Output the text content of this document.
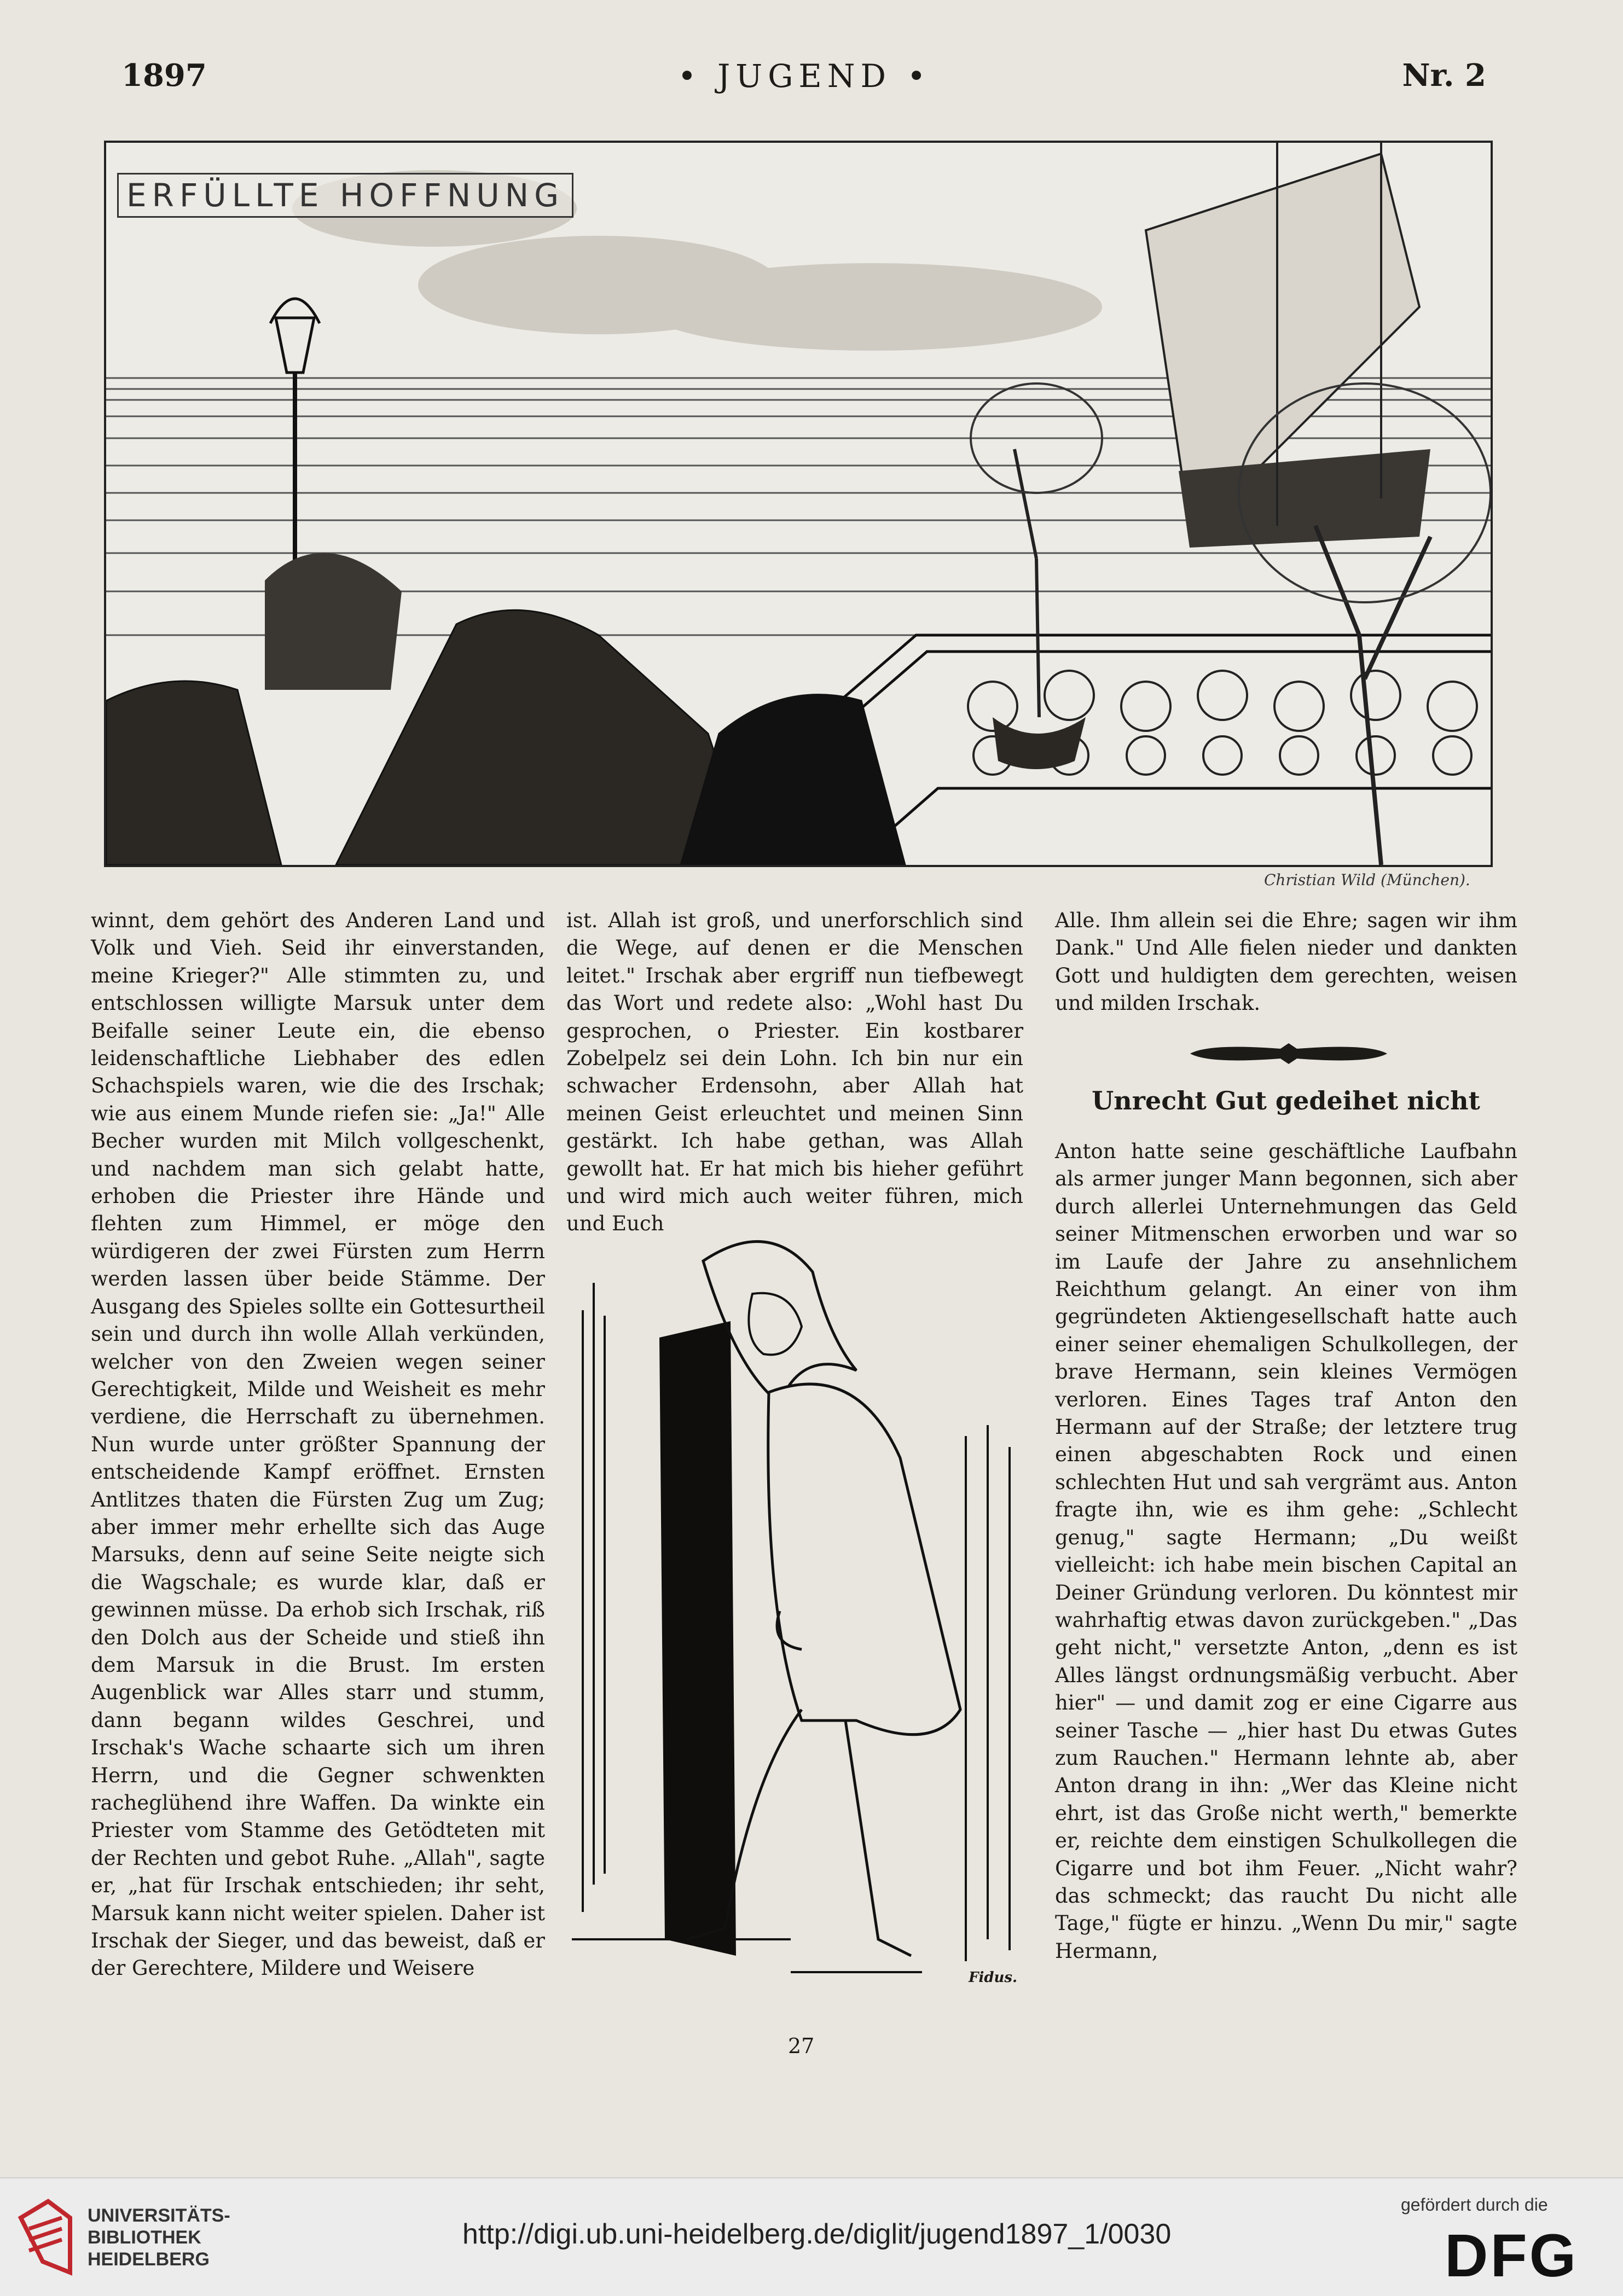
1897	• JUGEND •	Nr. 2
ERFÜLLTE HOFFNUNG
Christian Wild (München).

winnt, dem gehört des Anderen Land und Volk und Vieh. Seid ihr einverstanden, meine Krieger?" Alle stimmten zu, und entschlossen willigte Marsuk unter dem Beifalle seiner Leute ein, die ebenso leidenschaftliche Liebhaber des edlen Schachspiels waren, wie die des Irschak; wie aus einem Munde riefen sie: „Ja!" Alle Becher wurden mit Milch vollgeschenkt, und nachdem man sich gelabt hatte, erhoben die Priester ihre Hände und flehten zum Himmel, er möge den würdigeren der zwei Fürsten zum Herrn werden lassen über beide Stämme. Der Ausgang des Spieles sollte ein Gottesurtheil sein und durch ihn wolle Allah verkünden, welcher von den Zweien wegen seiner Gerechtigkeit, Milde und Weisheit es mehr verdiene, die Herrschaft zu übernehmen. Nun wurde unter größter Spannung der entscheidende Kampf eröffnet. Ernsten Antlitzes thaten die Fürsten Zug um Zug; aber immer mehr erhellte sich das Auge Marsuks, denn auf seine Seite neigte sich die Wagschale; es wurde klar, daß er gewinnen müsse. Da erhob sich Irschak, riß den Dolch aus der Scheide und stieß ihn dem Marsuk in die Brust. Im ersten Augenblick war Alles starr und stumm, dann begann wildes Geschrei, und Irschak's Wache schaarte sich um ihren Herrn, und die Gegner schwenkten racheglühend ihre Waffen. Da winkte ein Priester vom Stamme des Getödteten mit der Rechten und gebot Ruhe. „Allah", sagte er, „hat für Irschak entschieden; ihr seht, Marsuk kann nicht weiter spielen. Daher ist Irschak der Sieger, und das beweist, daß er der Gerechtere, Mildere und Weisere

ist. Allah ist groß, und unerforschlich sind die Wege, auf denen er die Menschen leitet." Irschak aber ergriff nun tiefbewegt das Wort und redete also: „Wohl hast Du gesprochen, o Priester. Ein kostbarer Zobelpelz sei dein Lohn. Ich bin nur ein schwacher Erdensohn, aber Allah hat meinen Geist erleuchtet und meinen Sinn gestärkt. Ich habe gethan, was Allah gewollt hat. Er hat mich bis hieher geführt und wird mich auch weiter führen, mich und Euch

Alle. Ihm allein sei die Ehre; sagen wir ihm Dank." Und Alle fielen nieder und dankten Gott und huldigten dem gerechten, weisen und milden Irschak.

Unrecht Gut gedeihet nicht

Anton hatte seine geschäftliche Laufbahn als armer junger Mann begonnen, sich aber durch allerlei Unternehmungen das Geld seiner Mitmenschen erworben und war so im Laufe der Jahre zu ansehnlichem Reichthum gelangt. An einer von ihm gegründeten Aktiengesellschaft hatte auch einer seiner ehemaligen Schulkollegen, der brave Hermann, sein kleines Vermögen verloren. Eines Tages traf Anton den Hermann auf der Straße; der letztere trug einen abgeschabten Rock und einen schlechten Hut und sah vergrämt aus. Anton fragte ihn, wie es ihm gehe: „Schlecht genug," sagte Hermann; „Du weißt vielleicht: ich habe mein bischen Capital an Deiner Gründung verloren. Du könntest mir wahrhaftig etwas davon zurückgeben." „Das geht nicht," versetzte Anton, „denn es ist Alles längst ordnungsmäßig verbucht. Aber hier" — und damit zog er eine Cigarre aus seiner Tasche — „hier hast Du etwas Gutes zum Rauchen." Hermann lehnte ab, aber Anton drang in ihn: „Wer das Kleine nicht ehrt, ist das Große nicht werth," bemerkte er, reichte dem einstigen Schulkollegen die Cigarre und bot ihm Feuer. „Nicht wahr? das schmeckt; das raucht Du nicht alle Tage," fügte er hinzu. „Wenn Du mir," sagte Hermann,

Fidus.
27
UNIVERSITÄTS-
BIBLIOTHEK
HEIDELBERG
http://digi.ub.uni-heidelberg.de/diglit/jugend1897_1/0030
gefördert durch die
DFG
